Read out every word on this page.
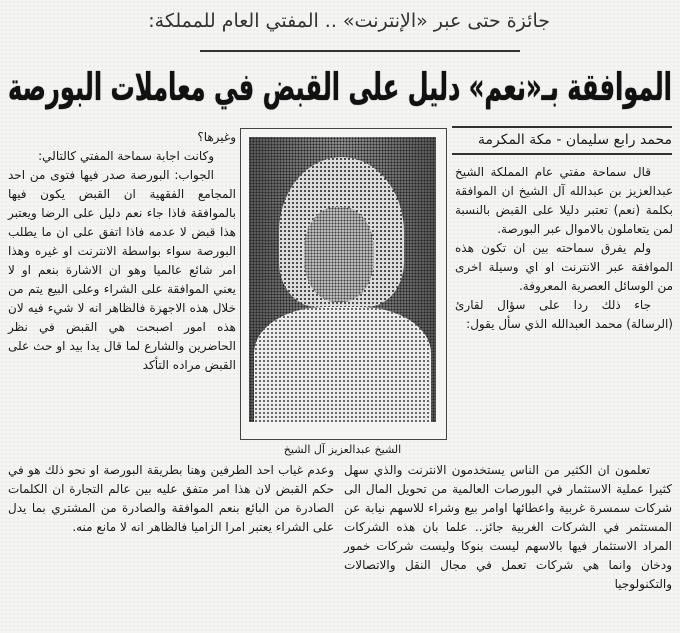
جائزة حتى عبر «الإنترنت» .. المفتي العام للمملكة:
الموافقة بـ«نعم» دليل على القبض في معاملات البورصة
محمد رابع سليمان - مكة المكرمة

قال سماحة مفتي عام المملكة الشيخ عبدالعزيز بن عبدالله آل الشيخ ان الموافقة بكلمة (نعم) تعتبر دليلا على القبض بالنسبة لمن يتعاملون بالاموال عبر البورصة.

ولم يفرق سماحته بين ان تكون هذه الموافقة عبر الانترنت او اي وسيلة اخرى من الوسائل العصرية المعروفة.

جاء ذلك ردا على سؤال لقارئ (الرسالة) محمد العبدالله الذي سأل يقول:

الشيخ عبدالعزيز آل الشيخ

وغيرها؟

وكانت اجابة سماحة المفتي كالتالي:

الجواب: البورصة صدر فيها فتوى من احد المجامع الفقهية ان القبض يكون فيها بالموافقة فاذا جاء نعم دليل على الرضا ويعتبر هذا قبض لا عدمه فاذا اتفق على ان ما يطلب البورصة سواء بواسطة الانترنت او غيره وهذا امر شائع عالميا وهو ان الاشارة بنعم او لا يعني الموافقة على الشراء وعلى البيع يتم من خلال هذه الاجهزة فالظاهر انه لا شيء فيه لان هذه امور اصبحت هي القبض في نظر الحاضرين والشارع لما قال يدا بيد او حث على القبض مراده التأكد

وعدم غياب احد الطرفين وهنا بطريقة البورصة او نحو ذلك هو في حكم القبض لان هذا امر متفق عليه بين عالم التجارة ان الكلمات الصادرة من البائع بنعم الموافقة والصادرة من المشتري بما يدل على الشراء يعتبر امرا الزاميا فالظاهر انه لا مانع منه.

تعلمون ان الكثير من الناس يستخدمون الانترنت والذي سهل كثيرا عملية الاستثمار في البورصات العالمية من تحويل المال الى شركات سمسرة غربية واعطائها اوامر بيع وشراء للاسهم نيابة عن المستثمر في الشركات الغربية جائز.. علما بان هذه الشركات المراد الاستثمار فيها بالاسهم ليست بنوكا وليست شركات خمور ودخان وانما هي شركات تعمل في مجال النقل والاتصالات والتكنولوجيا
